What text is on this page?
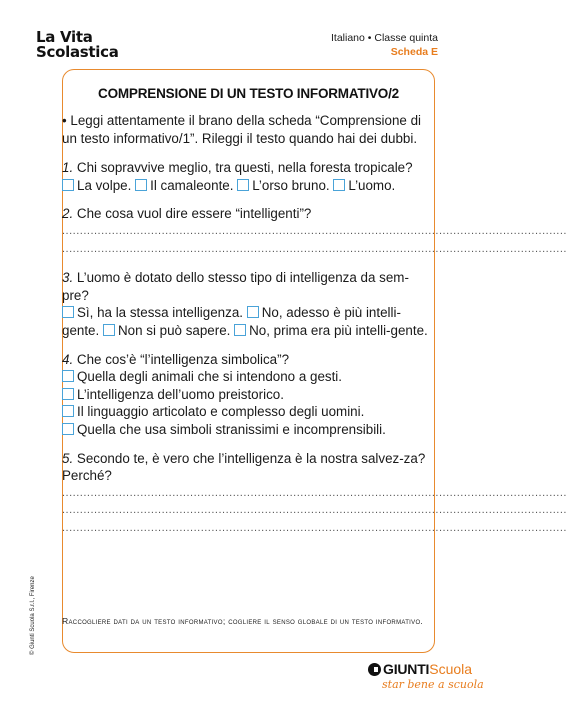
La Vita
Scolastica
Italiano • Classe quinta
Scheda E
COMPRENSIONE DI UN TESTO INFORMATIVO/2

• Leggi attentamente il brano della scheda “Comprensione di un testo informativo/1”. Rileggi il testo quando hai dei dubbi.

1. Chi sopravvive meglio, tra questi, nella foresta tropicale?
La volpe. Il camaleonte. L’orso bruno. L’uomo.
2. Che cosa vuol dire essere “intelligenti”?
..............................................................................................................................................
..............................................................................................................................................
3. L’uomo è dotato dello stesso tipo di intelligenza da sem-pre?
Sì, ha la stessa intelligenza. No, adesso è più intelli-gente. Non si può sapere. No, prima era più intelli-gente.
4. Che cos’è “l’intelligenza simbolica”?
Quella degli animali che si intendono a gesti.
L’intelligenza dell’uomo preistorico.
Il linguaggio articolato e complesso degli uomini.
Quella che usa simboli stranissimi e incomprensibili.
5. Secondo te, è vero che l’intelligenza è la nostra salvez-za? Perché?
..............................................................................................................................................
..............................................................................................................................................
..............................................................................................................................................
Raccogliere dati da un testo informativo; cogliere il senso globale di un testo informativo.
© Giunti Scuola S.r.l., Firenze
GIUNTI Scuola
star bene a scuola
